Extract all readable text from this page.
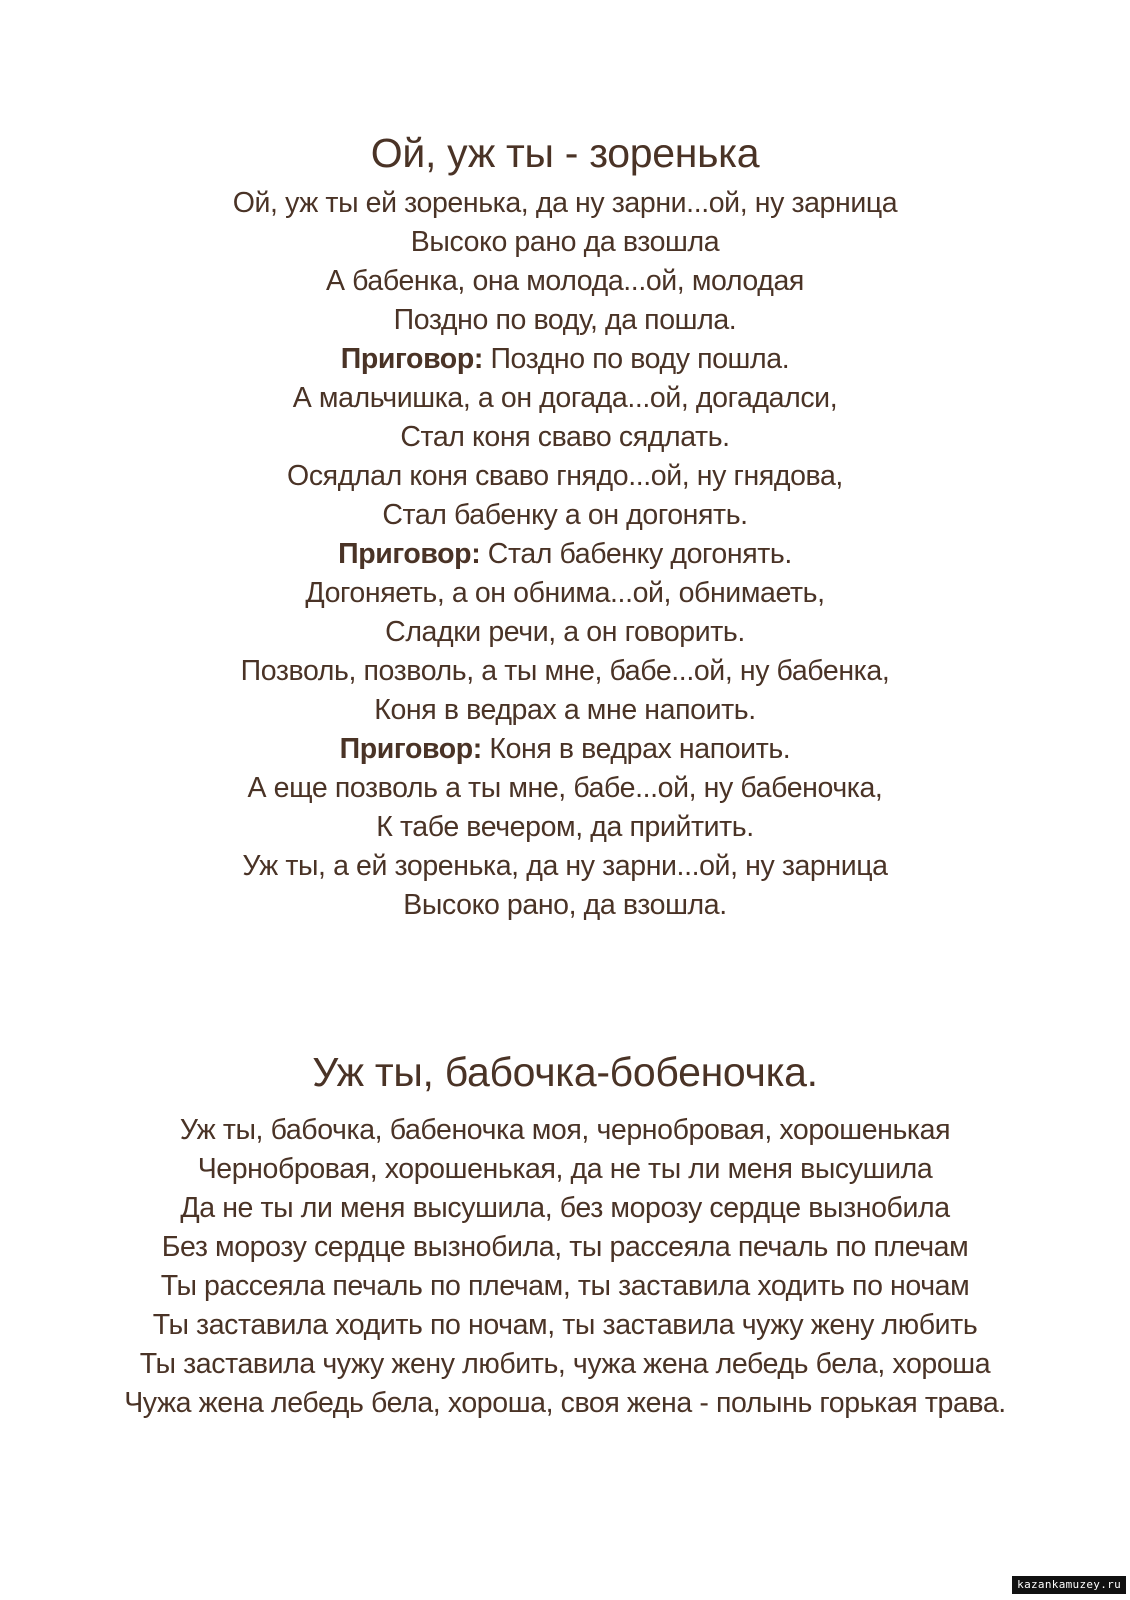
Ой, уж ты - зоренька
Ой, уж ты ей зоренька, да ну зарни...ой, ну зарница
Высоко рано да взошла
А бабенка, она молода...ой, молодая
Поздно по воду, да пошла.
Приговор: Поздно по воду пошла.
А мальчишка, а он догада...ой, догадалси,
Стал коня сваво сядлать.
Осядлал коня сваво гнядо...ой, ну гнядова,
Стал бабенку а он догонять.
Приговор: Стал бабенку догонять.
Догоняеть, а он обнима...ой, обнимаеть,
Сладки речи, а он говорить.
Позволь, позволь, а ты мне, бабе...ой, ну бабенка,
Коня в ведрах а мне напоить.
Приговор: Коня в ведрах напоить.
А еще позволь а ты мне, бабе...ой, ну бабеночка,
К табе вечером, да прийтить.
Уж ты, а ей зоренька, да ну зарни...ой, ну зарница
Высоко рано, да взошла.
Уж ты, бабочка-бобеночка.
Уж ты, бабочка, бабеночка моя, чернобровая, хорошенькая
Чернобровая, хорошенькая, да не ты ли меня высушила
Да не ты ли меня высушила, без морозу сердце вызнобила
Без морозу сердце вызнобила, ты рассеяла печаль по плечам
Ты рассеяла печаль по плечам, ты заставила ходить по ночам
Ты заставила ходить по ночам, ты заставила чужу жену любить
Ты заставила чужу жену любить, чужа жена лебедь бела, хороша
Чужа жена лебедь бела, хороша, своя жена - полынь горькая трава.
kazankamuzey.ru
